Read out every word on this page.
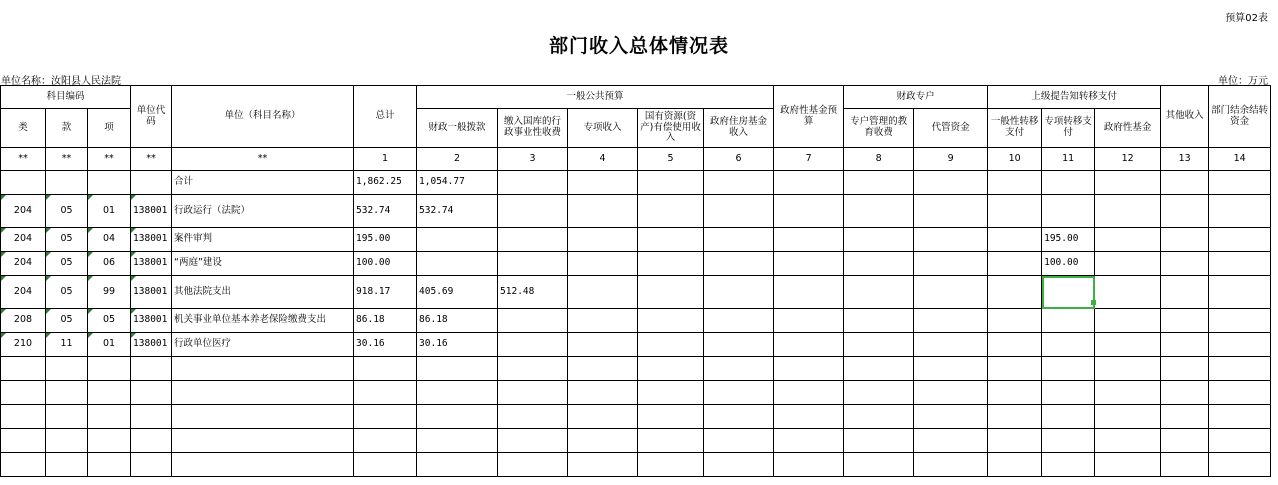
预算02表
部门收入总体情况表
单位名称：汝阳县人民法院	单位：万元
科目编码			单位代码	单位（科目名称）	总计	一般公共预算					政府性基金预算	财政专户		上级提告知转移支付			其他收入	部门结余结转资金
类	款	项				财政一般拨款	缴入国库的行政事业性收费	专项收入	国有资源(资产)有偿使用收入	政府住房基金收入		专户管理的教育收费	代管资金	一般性转移支付	专项转移支付	政府性基金		
**	**	**	**	**	1	2	3	4	5	6	7	8	9	10	11	12	13	14
				合计	1,862.25	1,054.77												
204	05	01	138001	行政运行（法院）	532.74	532.74												
204	05	04	138001	案件审判	195.00										195.00			
204	05	06	138001	“两庭”建设	100.00										100.00			
204	05	99	138001	其他法院支出	918.17	405.69	512.48											
208	05	05	138001	机关事业单位基本养老保险缴费支出	86.18	86.18												
210	11	01	138001	行政单位医疗	30.16	30.16												
